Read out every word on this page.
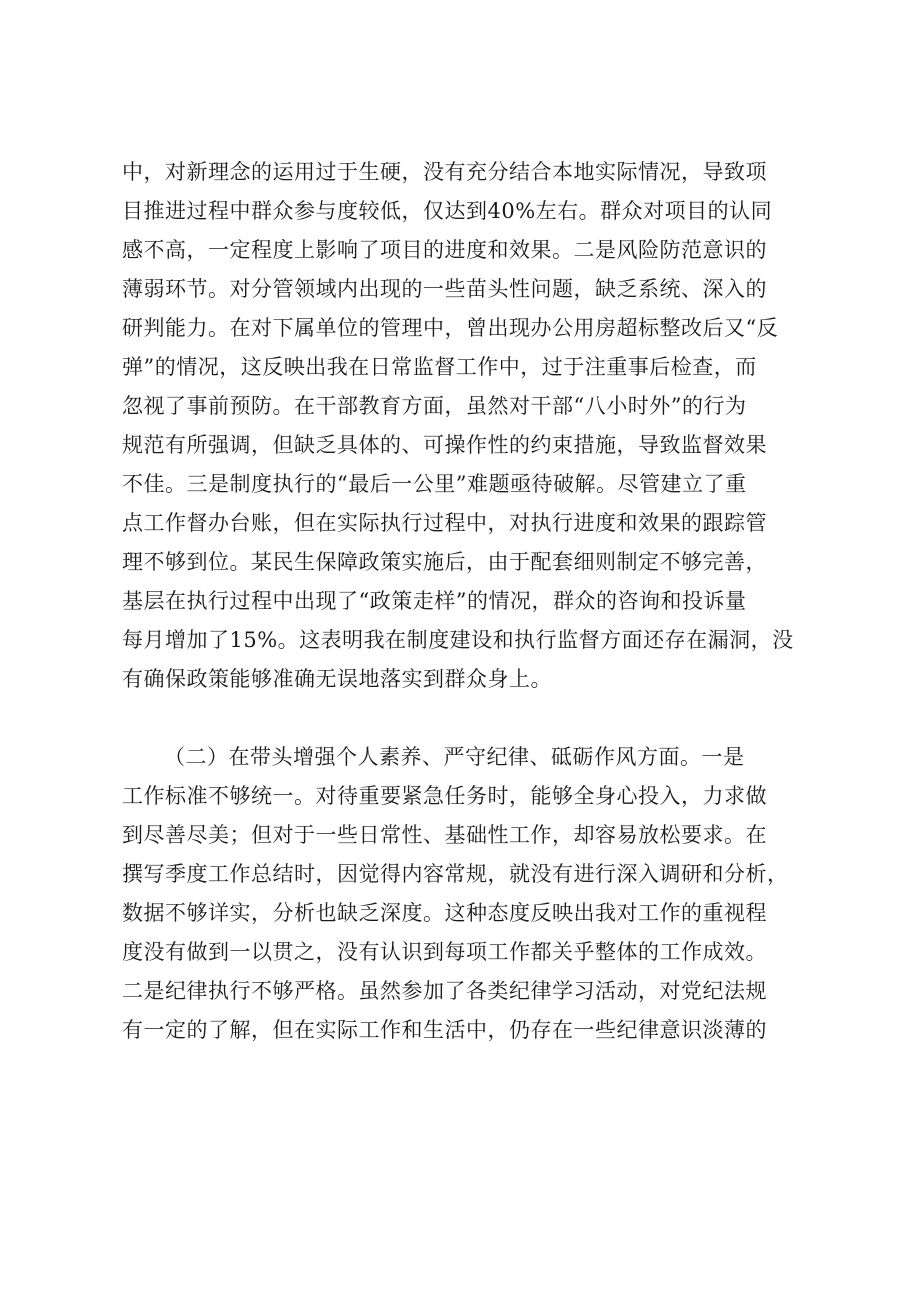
中，对新理念的运用过于生硬，没有充分结合本地实际情况，导致项
目推进过程中群众参与度较低，仅达到40%左右。群众对项目的认同
感不高，一定程度上影响了项目的进度和效果。二是风险防范意识的
薄弱环节。对分管领域内出现的一些苗头性问题，缺乏系统、深入的
研判能力。在对下属单位的管理中，曾出现办公用房超标整改后又“反
弹”的情况，这反映出我在日常监督工作中，过于注重事后检查，而
忽视了事前预防。在干部教育方面，虽然对干部“八小时外”的行为
规范有所强调，但缺乏具体的、可操作性的约束措施，导致监督效果
不佳。三是制度执行的“最后一公里”难题亟待破解。尽管建立了重
点工作督办台账，但在实际执行过程中，对执行进度和效果的跟踪管
理不够到位。某民生保障政策实施后，由于配套细则制定不够完善，
基层在执行过程中出现了“政策走样”的情况，群众的咨询和投诉量
每月增加了15%。这表明我在制度建设和执行监督方面还存在漏洞，没
有确保政策能够准确无误地落实到群众身上。
（二）在带头增强个人素养、严守纪律、砥砺作风方面。一是
工作标准不够统一。对待重要紧急任务时，能够全身心投入，力求做
到尽善尽美；但对于一些日常性、基础性工作，却容易放松要求。在
撰写季度工作总结时，因觉得内容常规，就没有进行深入调研和分析，
数据不够详实，分析也缺乏深度。这种态度反映出我对工作的重视程
度没有做到一以贯之，没有认识到每项工作都关乎整体的工作成效。
二是纪律执行不够严格。虽然参加了各类纪律学习活动，对党纪法规
有一定的了解，但在实际工作和生活中，仍存在一些纪律意识淡薄的
